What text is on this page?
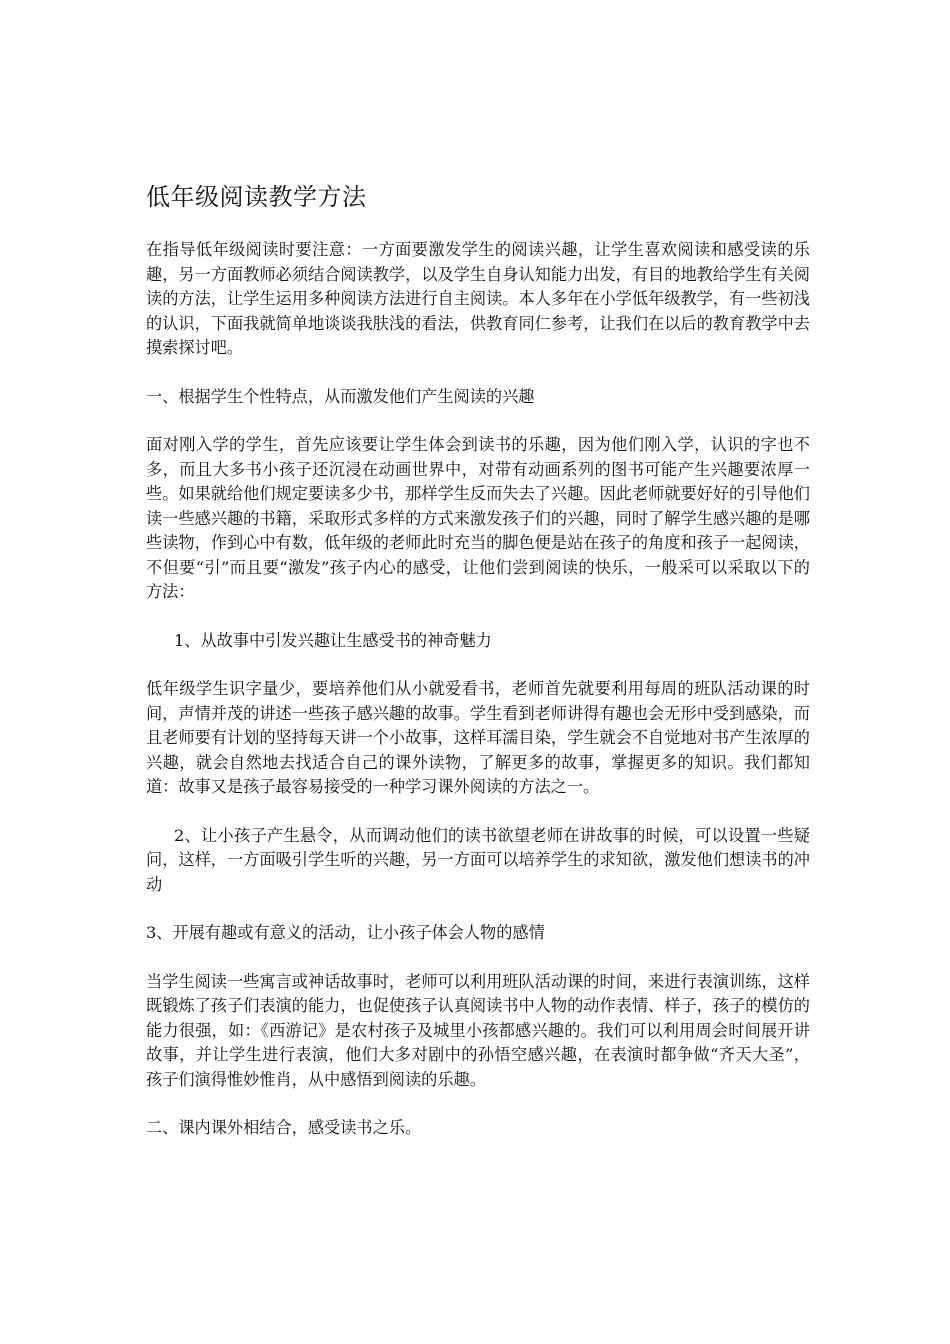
低年级阅读教学方法

在指导低年级阅读时要注意：一方面要激发学生的阅读兴趣，让学生喜欢阅读和感受读的乐趣，另一方面教师必须结合阅读教学，以及学生自身认知能力出发，有目的地教给学生有关阅读的方法，让学生运用多种阅读方法进行自主阅读。本人多年在小学低年级教学，有一些初浅的认识，下面我就简单地谈谈我肤浅的看法，供教育同仁参考，让我们在以后的教育教学中去摸索探讨吧。

一、根据学生个性特点，从而激发他们产生阅读的兴趣

面对刚入学的学生，首先应该要让学生体会到读书的乐趣，因为他们刚入学，认识的字也不多，而且大多书小孩子还沉浸在动画世界中，对带有动画系列的图书可能产生兴趣要浓厚一些。如果就给他们规定要读多少书，那样学生反而失去了兴趣。因此老师就要好好的引导他们读一些感兴趣的书籍，采取形式多样的方式来激发孩子们的兴趣，同时了解学生感兴趣的是哪些读物，作到心中有数，低年级的老师此时充当的脚色便是站在孩子的角度和孩子一起阅读，不但要“引”而且要“激发”孩子内心的感受，让他们尝到阅读的快乐，一般采可以采取以下的方法：

1、从故事中引发兴趣让生感受书的神奇魅力

低年级学生识字量少，要培养他们从小就爱看书，老师首先就要利用每周的班队活动课的时间，声情并茂的讲述一些孩子感兴趣的故事。学生看到老师讲得有趣也会无形中受到感染，而且老师要有计划的坚持每天讲一个小故事，这样耳濡目染，学生就会不自觉地对书产生浓厚的兴趣，就会自然地去找适合自己的课外读物，了解更多的故事，掌握更多的知识。我们都知道：故事又是孩子最容易接受的一种学习课外阅读的方法之一。

2、让小孩子产生悬令，从而调动他们的读书欲望老师在讲故事的时候，可以设置一些疑问，这样，一方面吸引学生听的兴趣，另一方面可以培养学生的求知欲，激发他们想读书的冲动

3、开展有趣或有意义的活动，让小孩子体会人物的感情

当学生阅读一些寓言或神话故事时，老师可以利用班队活动课的时间，来进行表演训练，这样既锻炼了孩子们表演的能力，也促使孩子认真阅读书中人物的动作表情、样子，孩子的模仿的能力很强，如：《西游记》是农村孩子及城里小孩都感兴趣的。我们可以利用周会时间展开讲故事，并让学生进行表演，他们大多对剧中的孙悟空感兴趣，在表演时都争做“齐天大圣”，孩子们演得惟妙惟肖，从中感悟到阅读的乐趣。

二、课内课外相结合，感受读书之乐。
